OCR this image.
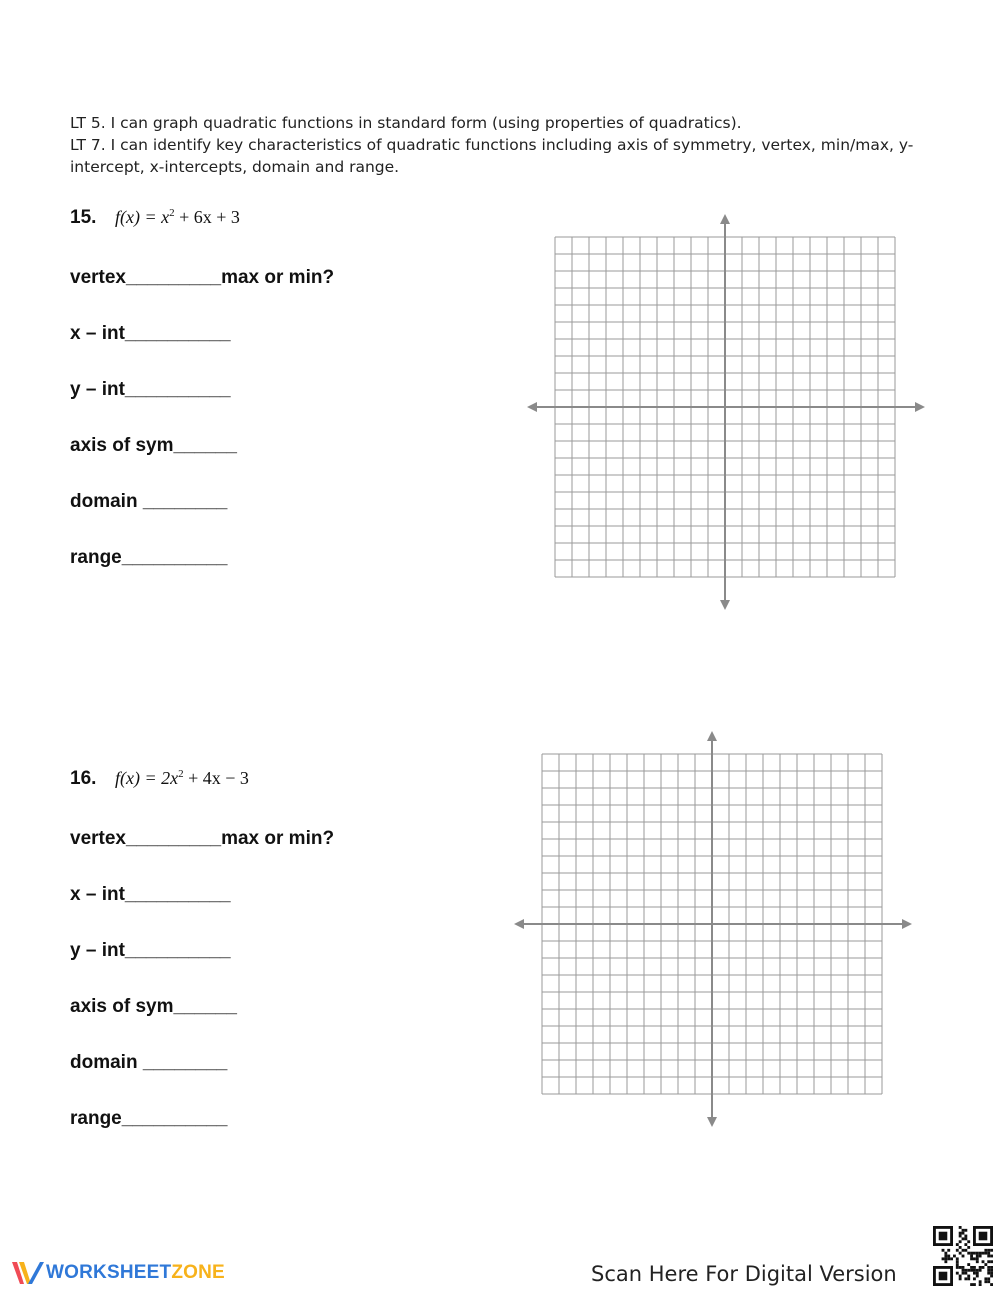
LT 5. I can graph quadratic functions in standard form (using properties of quadratics).

LT 7. I can identify key characteristics of quadratic functions including axis of symmetry, vertex, min/max, y-intercept, x-intercepts, domain and range.

15.	$f(x) = x^2 + 6x + 3$
vertex_________max or min?
x – int__________
y – int__________
axis of sym______
domain ________
range__________
16.	$f(x) = 2x^2 + 4x - 3$
vertex_________max or min?
x – int__________
y – int__________
axis of sym______
domain ________
range__________
WORKSHEETZONE	Scan Here For Digital Version
